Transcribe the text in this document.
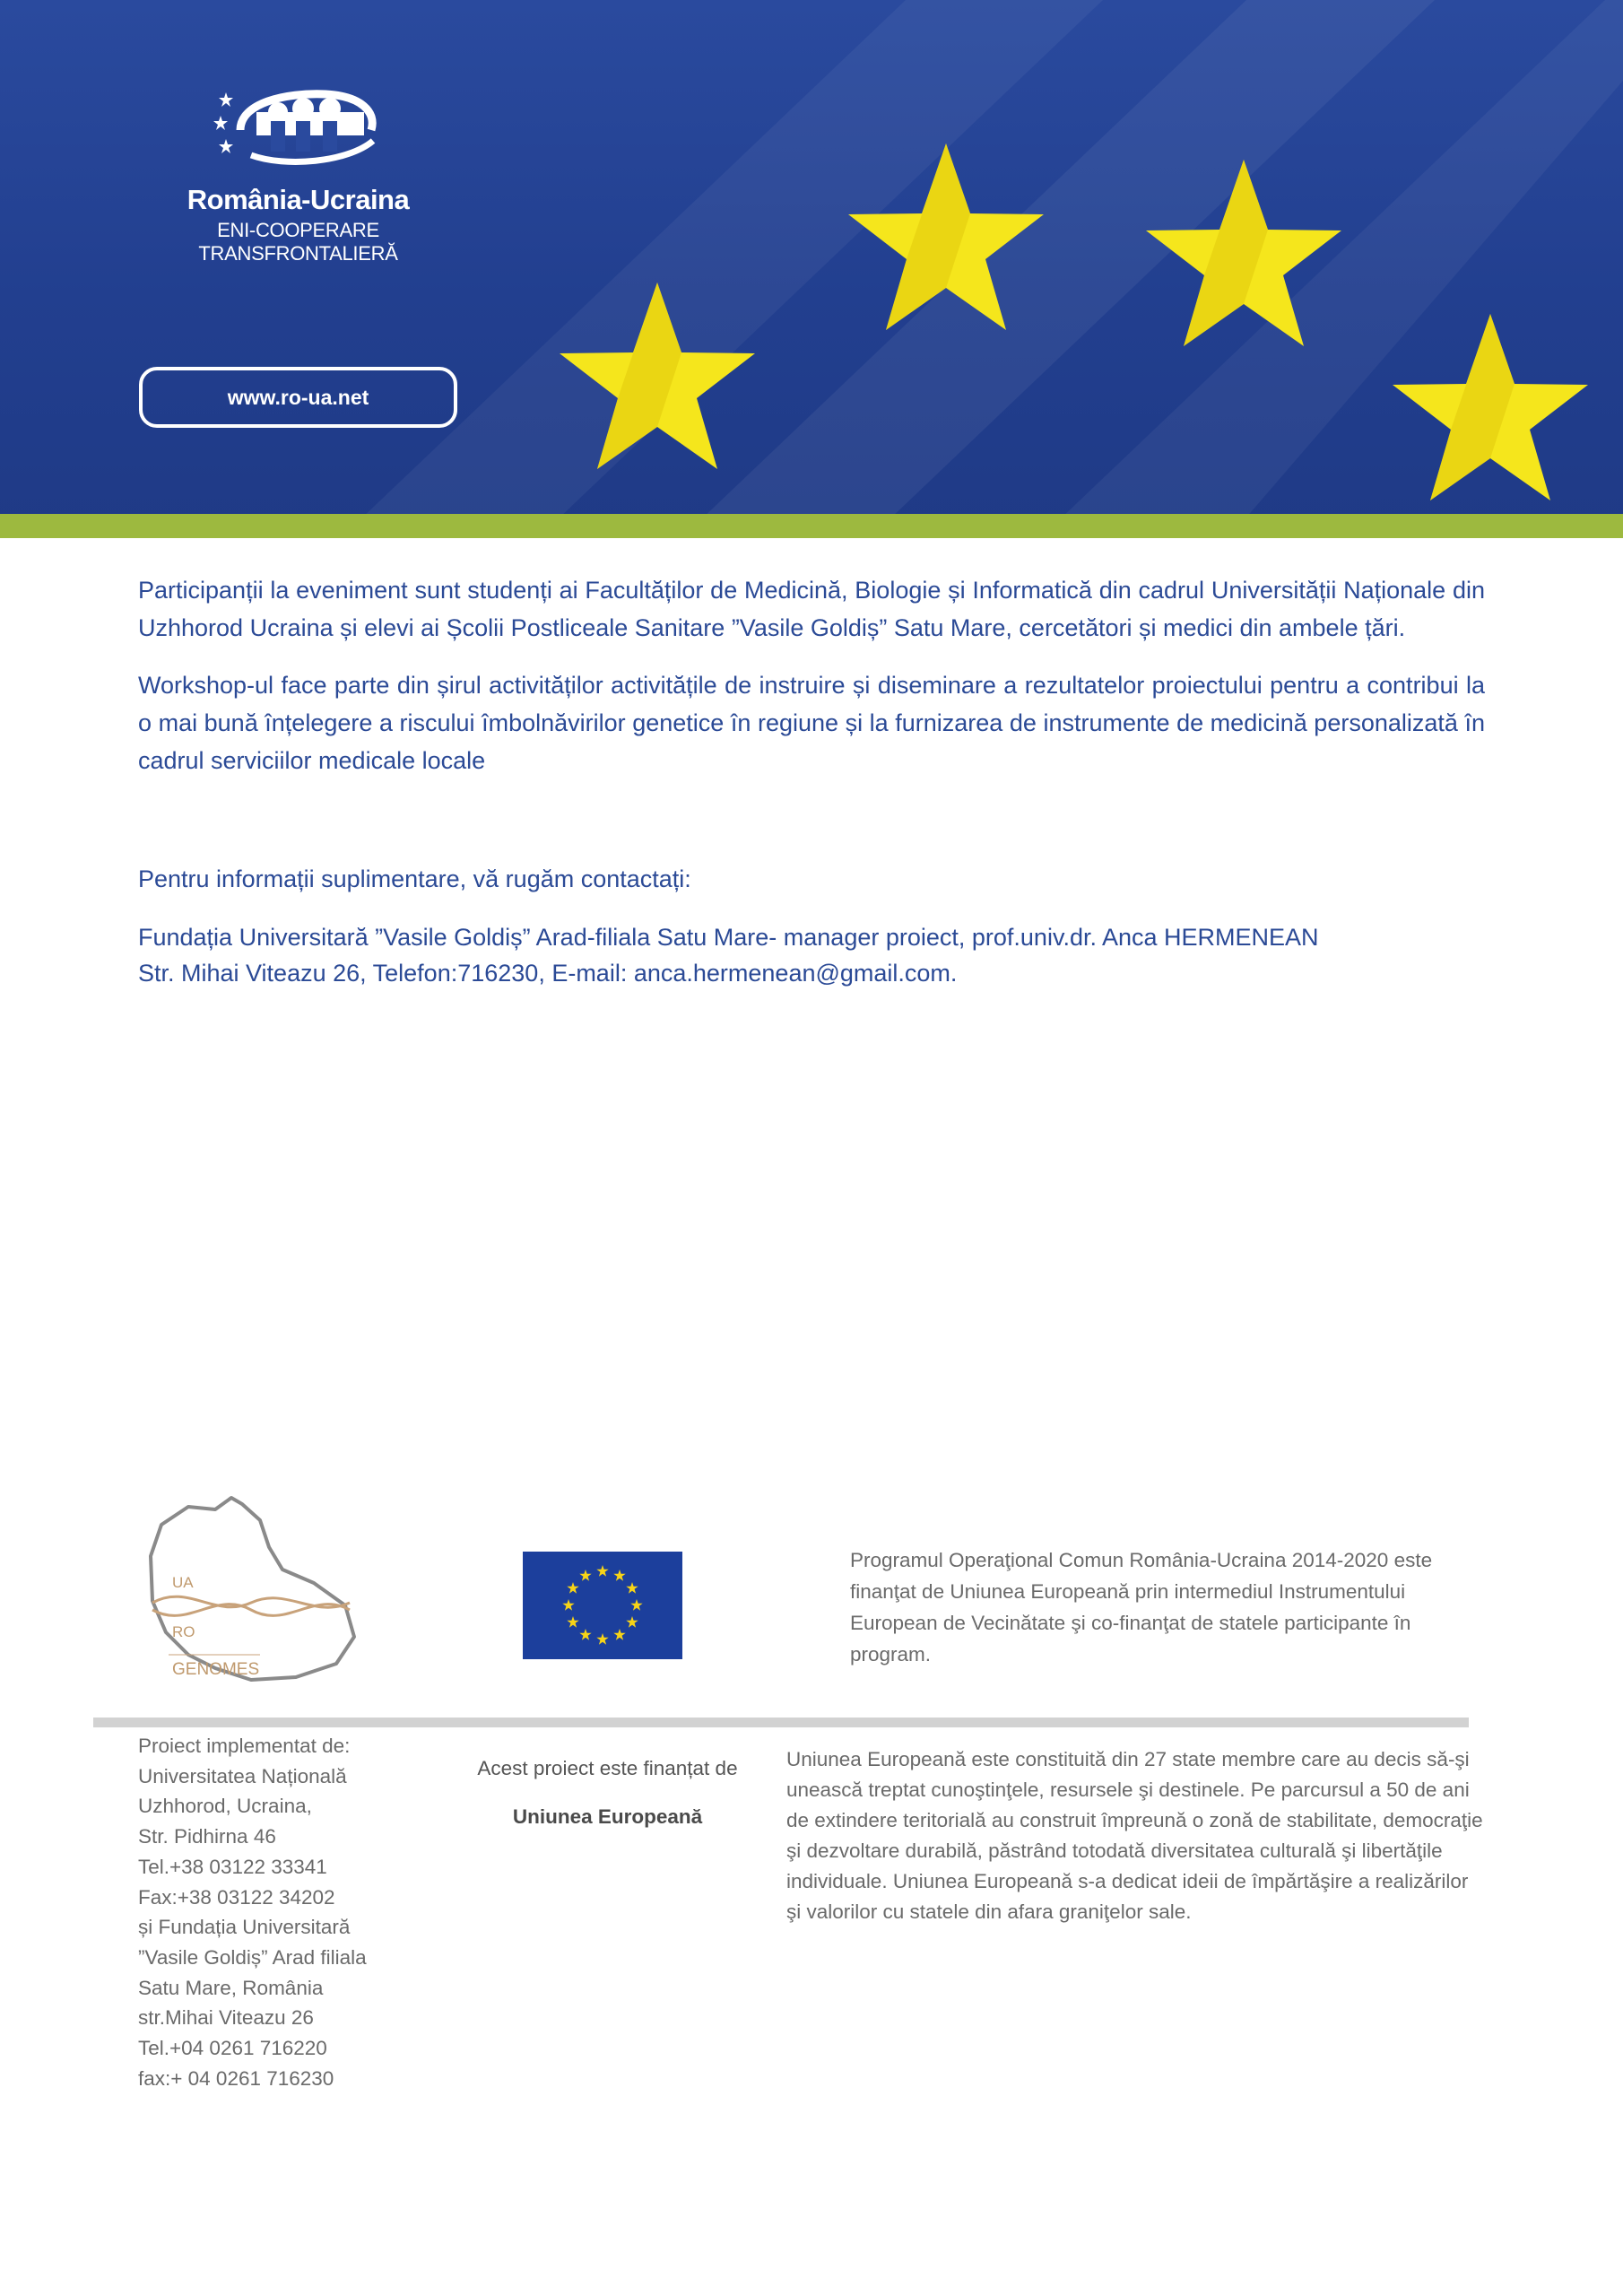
România-Ucraina
ENI-COOPERARE TRANSFRONTALIERĂ
www.ro-ua.net

Participanții la eveniment sunt studenți ai Facultăților de Medicină, Biologie și Informatică din cadrul Universității Naționale din Uzhhorod Ucraina și elevi ai Școlii Postliceale Sanitare ”Vasile Goldiș” Satu Mare, cercetători și medici din ambele țări.

Workshop-ul face parte din șirul activităților activitățile de instruire și diseminare a rezultatelor proiectului pentru a contribui la o mai bună înțelegere a riscului îmbolnăvirilor genetice în regiune și la furnizarea de instrumente de medicină personalizată în cadrul serviciilor medicale locale

Pentru informații suplimentare, vă rugăm contactați:

Fundația Universitară ”Vasile Goldiș” Arad-filiala Satu Mare- manager proiect, prof.univ.dr. Anca HERMENEAN

Str. Mihai Viteazu 26, Telefon:716230, E-mail: anca.hermenean@gmail.com.

UA
RO
GENOMES

Programul Operaţional Comun România-Ucraina 2014-2020 este finanţat de Uniunea Europeană prin intermediul Instrumentului European de Vecinătate şi co-finanţat de statele participante în program.

Proiect implementat de:
Universitatea Națională
Uzhhorod, Ucraina,
Str. Pidhirna 46
Tel.+38 03122 33341
Fax:+38 03122 34202
și Fundația Universitară
”Vasile Goldiș” Arad filiala
Satu Mare, România
str.Mihai Viteazu 26
Tel.+04 0261 716220
fax:+ 04 0261 716230
Acest proiect este finanțat de
Uniunea Europeană

Uniunea Europeană este constituită din 27 state membre care au decis să-şi unească treptat cunoştinţele, resursele şi destinele. Pe parcursul a 50 de ani de extindere teritorială au construit împreună o zonă de stabilitate, democraţie şi dezvoltare durabilă, păstrând totodată diversitatea culturală şi libertăţile individuale. Uniunea Europeană s-a dedicat ideii de împărtăşire a realizărilor şi valorilor cu statele din afara graniţelor sale.
